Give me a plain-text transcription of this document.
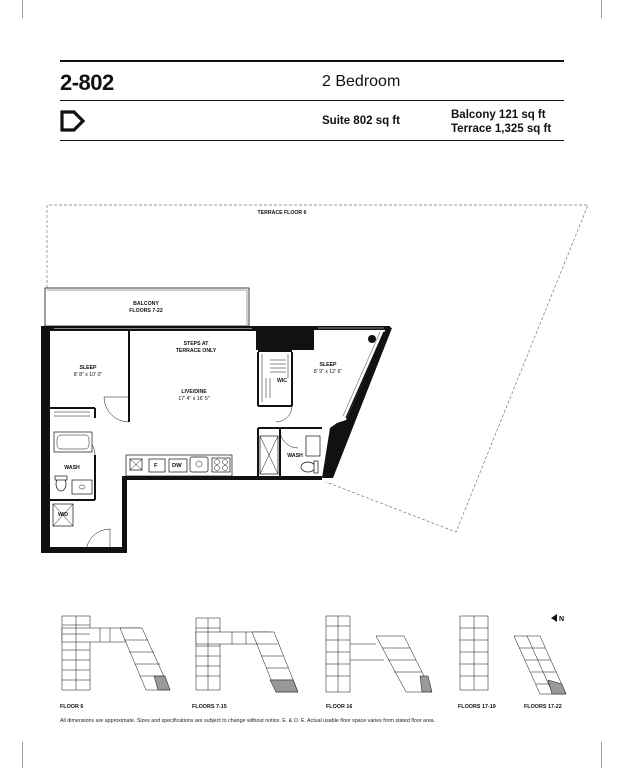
2-802	2 Bedroom
Suite 802 sq ft	Balcony 121 sq ft
Terrace 1,325 sq ft
TERRACE FLOOR 6
BALCONY
FLOORS 7-22
F DW
SLEEP
8' 8" x 10' 0"
STEPS AT
TERRACE ONLY
LIVE/DINE
17' 4" x 16' 5"
SLEEP
8' 9" x 12' 6"
WIC
WASH
WASH
W/D
N
FLOOR 6	FLOORS 7-15	FLOOR 16	FLOORS 17-19	FLOORS 17-22
All dimensions are approximate. Sizes and specifications are subject to change without notice. E. & O. E. Actual usable floor space varies from stated floor area.
